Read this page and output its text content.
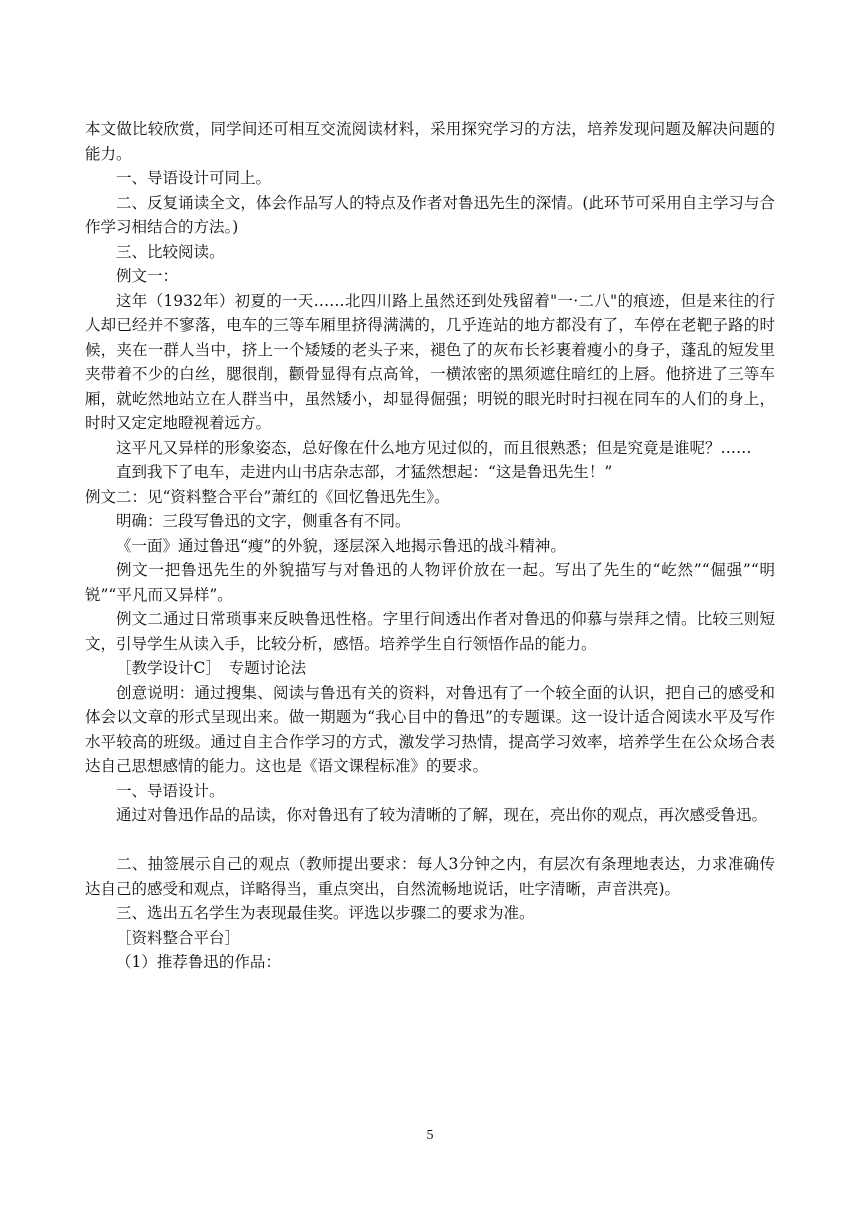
本文做比较欣赏，同学间还可相互交流阅读材料，采用探究学习的方法，培养发现问题及解决问题的能力。

一、导语设计可同上。

二、反复诵读全文，体会作品写人的特点及作者对鲁迅先生的深情。(此环节可采用自主学习与合作学习相结合的方法。)

三、比较阅读。

例文一：

这年（1932年）初夏的一天……北四川路上虽然还到处残留着"一·二八"的痕迹，但是来往的行人却已经并不寥落，电车的三等车厢里挤得满满的，几乎连站的地方都没有了，车停在老靶子路的时候，夹在一群人当中，挤上一个矮矮的老头子来，褪色了的灰布长衫裹着瘦小的身子，蓬乱的短发里夹带着不少的白丝，腮很削，颧骨显得有点高耸，一横浓密的黑须遮住暗红的上唇。他挤进了三等车厢，就屹然地站立在人群当中，虽然矮小，却显得倔强；明锐的眼光时时扫视在同车的人们的身上，时时又定定地瞪视着远方。

这平凡又异样的形象姿态，总好像在什么地方见过似的，而且很熟悉；但是究竟是谁呢？……

直到我下了电车，走进内山书店杂志部，才猛然想起：“这是鲁迅先生！”

例文二：见“资料整合平台”萧红的《回忆鲁迅先生》。

明确：三段写鲁迅的文字，侧重各有不同。

《一面》通过鲁迅“瘦”的外貌，逐层深入地揭示鲁迅的战斗精神。

例文一把鲁迅先生的外貌描写与对鲁迅的人物评价放在一起。写出了先生的“屹然”“倔强”“明锐”“平凡而又异样”。

例文二通过日常琐事来反映鲁迅性格。字里行间透出作者对鲁迅的仰慕与崇拜之情。比较三则短文，引导学生从读入手，比较分析，感悟。培养学生自行领悟作品的能力。

［教学设计C］　专题讨论法

创意说明：通过搜集、阅读与鲁迅有关的资料，对鲁迅有了一个较全面的认识，把自己的感受和体会以文章的形式呈现出来。做一期题为“我心目中的鲁迅”的专题课。这一设计适合阅读水平及写作水平较高的班级。通过自主合作学习的方式，激发学习热情，提高学习效率，培养学生在公众场合表达自己思想感情的能力。这也是《语文课程标准》的要求。

一、导语设计。

通过对鲁迅作品的品读，你对鲁迅有了较为清晰的了解，现在，亮出你的观点，再次感受鲁迅。

二、抽签展示自己的观点（教师提出要求：每人3分钟之内，有层次有条理地表达，力求准确传达自己的感受和观点，详略得当，重点突出，自然流畅地说话，吐字清晰，声音洪亮)。

三、选出五名学生为表现最佳奖。评选以步骤二的要求为准。

［资料整合平台］

（1）推荐鲁迅的作品：

5
